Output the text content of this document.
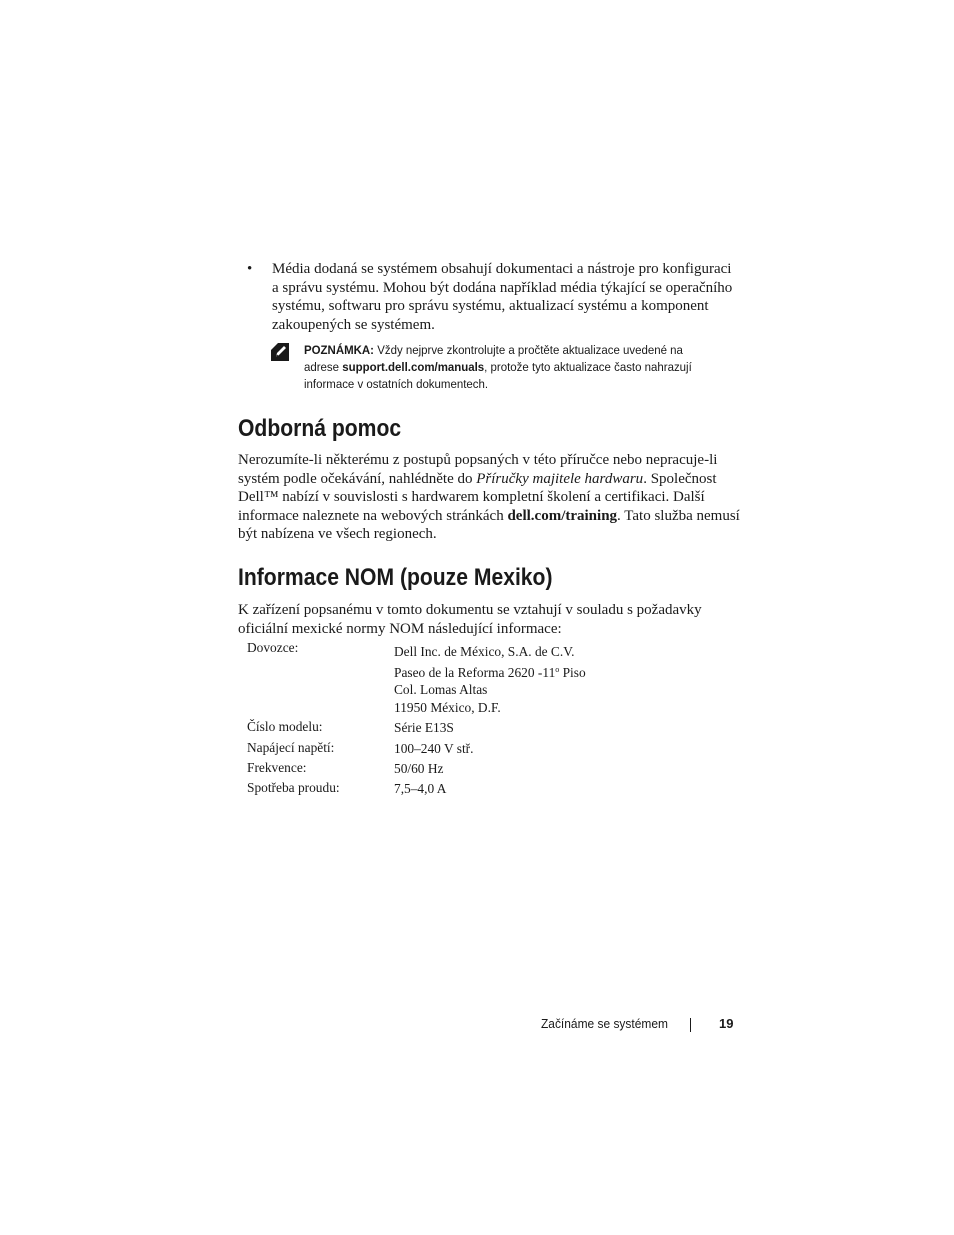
• Média dodaná se systémem obsahují dokumentaci a nástroje pro konfiguraci a správu systému. Mohou být dodána například média týkající se operačního systému, softwaru pro správu systému, aktualizací systému a komponent zakoupených se systémem.
POZNÁMKA: Vždy nejprve zkontrolujte a pročtěte aktualizace uvedené na adrese support.dell.com/manuals, protože tyto aktualizace často nahrazují informace v ostatních dokumentech.
Odborná pomoc
Nerozumíte-li některému z postupů popsaných v této příručce nebo nepracuje-li systém podle očekávání, nahlédněte do Příručky majitele hardwaru. Společnost Dell™ nabízí v souvislosti s hardwarem kompletní školení a certifikaci. Další informace naleznete na webových stránkách dell.com/training. Tato služba nemusí být nabízena ve všech regionech.
Informace NOM (pouze Mexiko)
K zařízení popsanému v tomto dokumentu se vztahují v souladu s požadavky oficiální mexické normy NOM následující informace:
Dovozce:	Dell Inc. de México, S.A. de C.V.
Paseo de la Reforma 2620 -11$^o$ Piso
Col. Lomas Altas
11950 México, D.F.
Číslo modelu:	Série E13S
Napájecí napětí:	100–240 V stř.
Frekvence:	50/60 Hz
Spotřeba proudu:	7,5–4,0 A
Začínáme se systémem	19
